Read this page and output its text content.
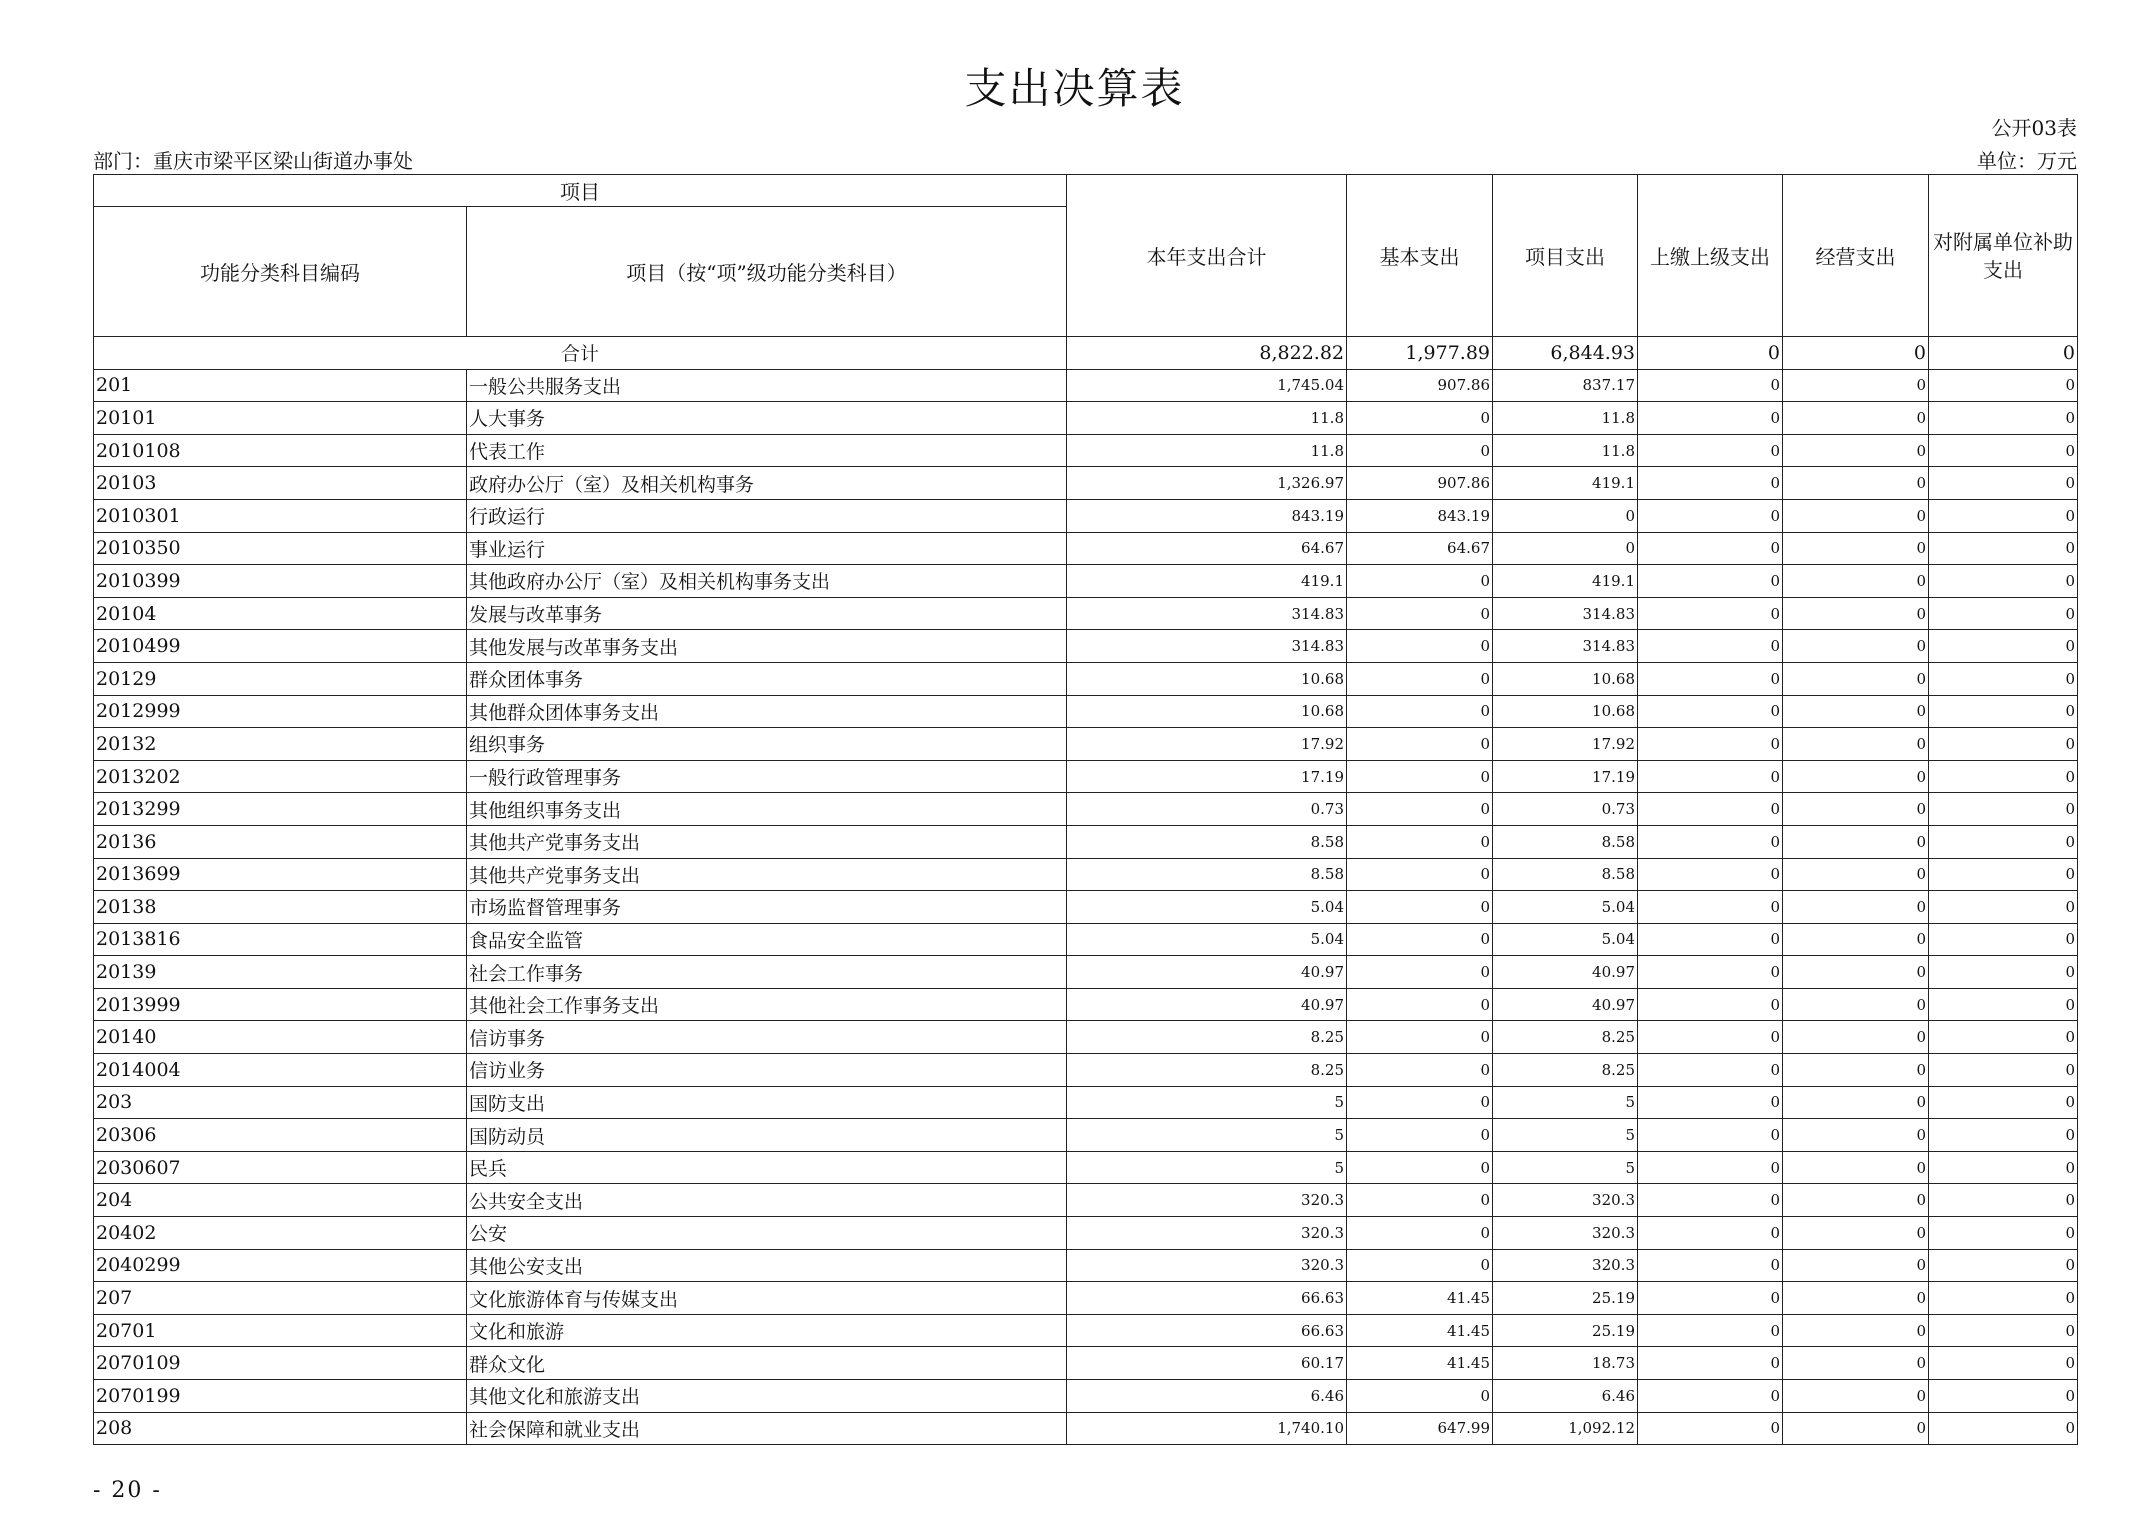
支出决算表
公开03表
部门：重庆市梁平区梁山街道办事处	单位：万元
项目		本年支出合计	基本支出	项目支出	上缴上级支出	经营支出	对附属单位补助支出
功能分类科目编码	项目（按“项”级功能分类科目）						
合计		8,822.82	1,977.89	6,844.93	0	0	0
201	一般公共服务支出	1,745.04	907.86	837.17	0	0	0
20101	人大事务	11.8	0	11.8	0	0	0
2010108	代表工作	11.8	0	11.8	0	0	0
20103	政府办公厅（室）及相关机构事务	1,326.97	907.86	419.1	0	0	0
2010301	行政运行	843.19	843.19	0	0	0	0
2010350	事业运行	64.67	64.67	0	0	0	0
2010399	其他政府办公厅（室）及相关机构事务支出	419.1	0	419.1	0	0	0
20104	发展与改革事务	314.83	0	314.83	0	0	0
2010499	其他发展与改革事务支出	314.83	0	314.83	0	0	0
20129	群众团体事务	10.68	0	10.68	0	0	0
2012999	其他群众团体事务支出	10.68	0	10.68	0	0	0
20132	组织事务	17.92	0	17.92	0	0	0
2013202	一般行政管理事务	17.19	0	17.19	0	0	0
2013299	其他组织事务支出	0.73	0	0.73	0	0	0
20136	其他共产党事务支出	8.58	0	8.58	0	0	0
2013699	其他共产党事务支出	8.58	0	8.58	0	0	0
20138	市场监督管理事务	5.04	0	5.04	0	0	0
2013816	食品安全监管	5.04	0	5.04	0	0	0
20139	社会工作事务	40.97	0	40.97	0	0	0
2013999	其他社会工作事务支出	40.97	0	40.97	0	0	0
20140	信访事务	8.25	0	8.25	0	0	0
2014004	信访业务	8.25	0	8.25	0	0	0
203	国防支出	5	0	5	0	0	0
20306	国防动员	5	0	5	0	0	0
2030607	民兵	5	0	5	0	0	0
204	公共安全支出	320.3	0	320.3	0	0	0
20402	公安	320.3	0	320.3	0	0	0
2040299	其他公安支出	320.3	0	320.3	0	0	0
207	文化旅游体育与传媒支出	66.63	41.45	25.19	0	0	0
20701	文化和旅游	66.63	41.45	25.19	0	0	0
2070109	群众文化	60.17	41.45	18.73	0	0	0
2070199	其他文化和旅游支出	6.46	0	6.46	0	0	0
208	社会保障和就业支出	1,740.10	647.99	1,092.12	0	0	0
- 20 -
